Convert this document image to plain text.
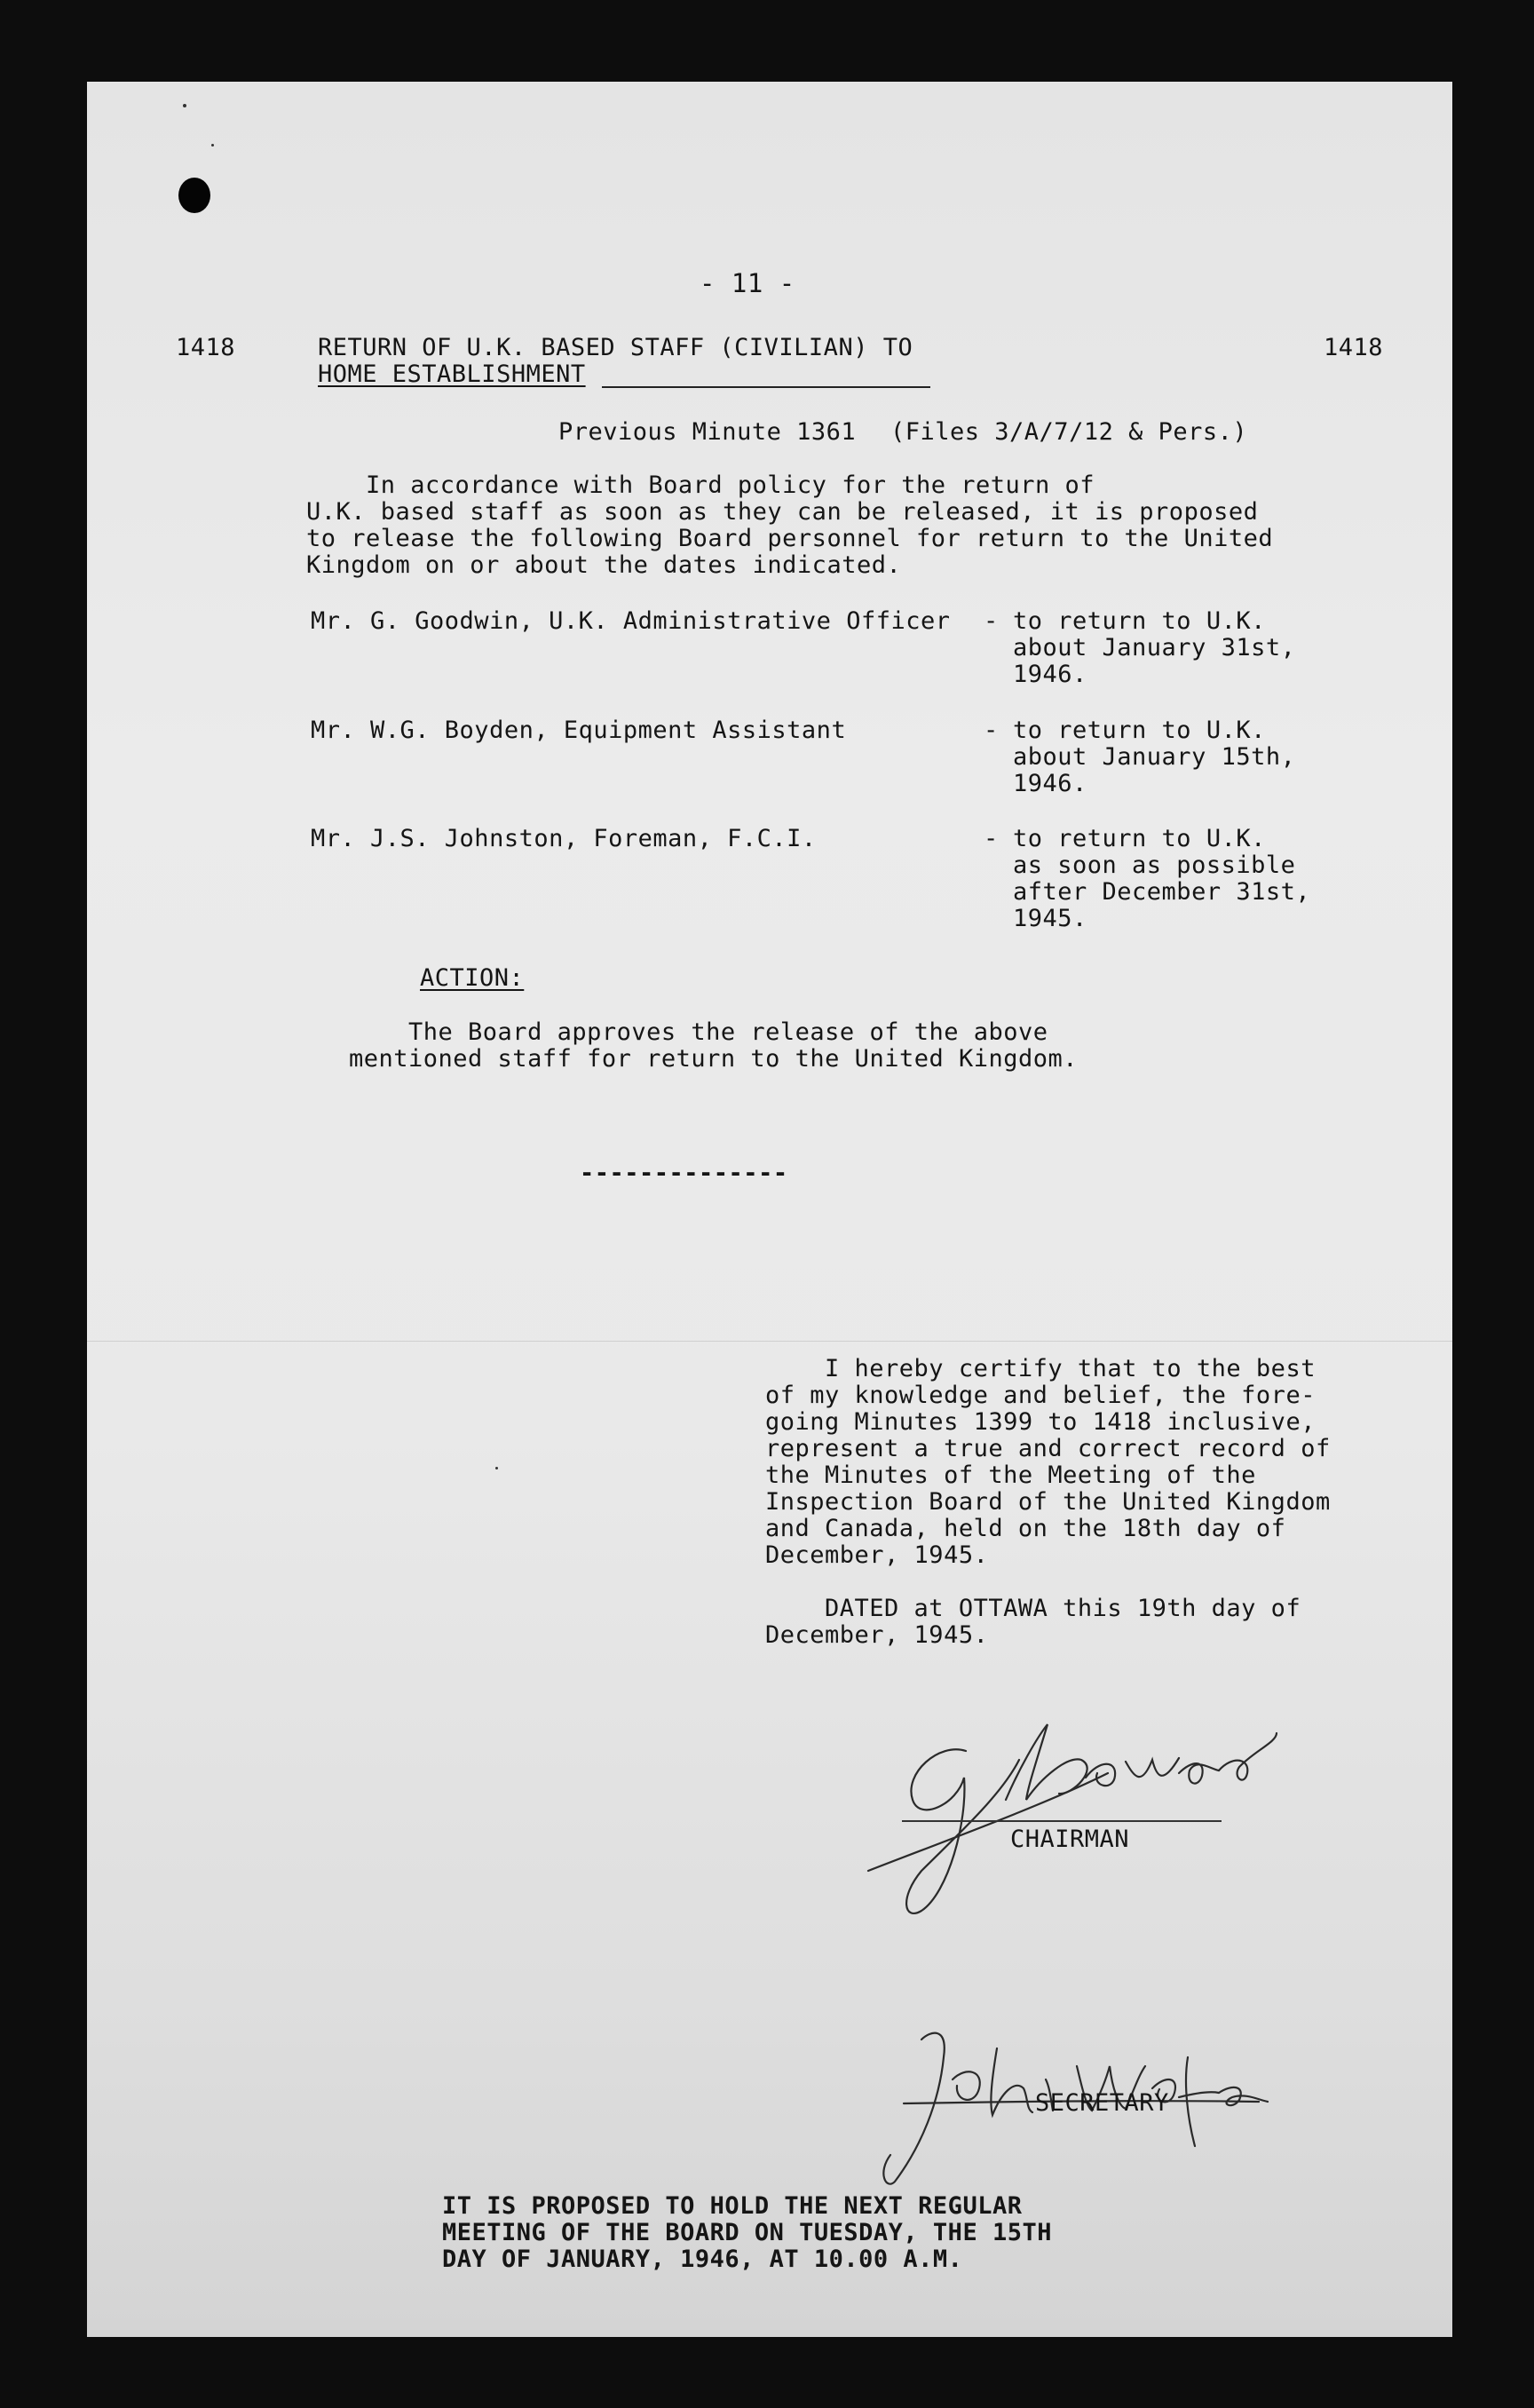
- 11 -
1418	1418
RETURN OF U.K. BASED STAFF (CIVILIAN) TO
HOME ESTABLISHMENT
Previous Minute 1361 (Files 3/A/7/12 & Pers.)
In accordance with Board policy for the return of
U.K. based staff as soon as they can be released, it is proposed
to release the following Board personnel for return to the United
Kingdom on or about the dates indicated.
Mr. G. Goodwin, U.K. Administrative Officer - to return to U.K.
about January 31st,
1946.
Mr. W.G. Boyden, Equipment Assistant	- to return to U.K.
about January 15th,
1946.
Mr. J.S. Johnston, Foreman, F.C.I.	- to return to U.K.
as soon as possible
after December 31st,
1945.
ACTION:
The Board approves the release of the above
mentioned staff for return to the United Kingdom.
--------------
I hereby certify that to the best
of my knowledge and belief, the fore-
going Minutes 1399 to 1418 inclusive,
represent a true and correct record of
the Minutes of the Meeting of the
Inspection Board of the United Kingdom
and Canada, held on the 18th day of
December, 1945.
DATED at OTTAWA this 19th day of
December, 1945.
CHAIRMAN
SECRETARY
IT IS PROPOSED TO HOLD THE NEXT REGULAR
MEETING OF THE BOARD ON TUESDAY, THE 15TH
DAY OF JANUARY, 1946, AT 10.00 A.M.
